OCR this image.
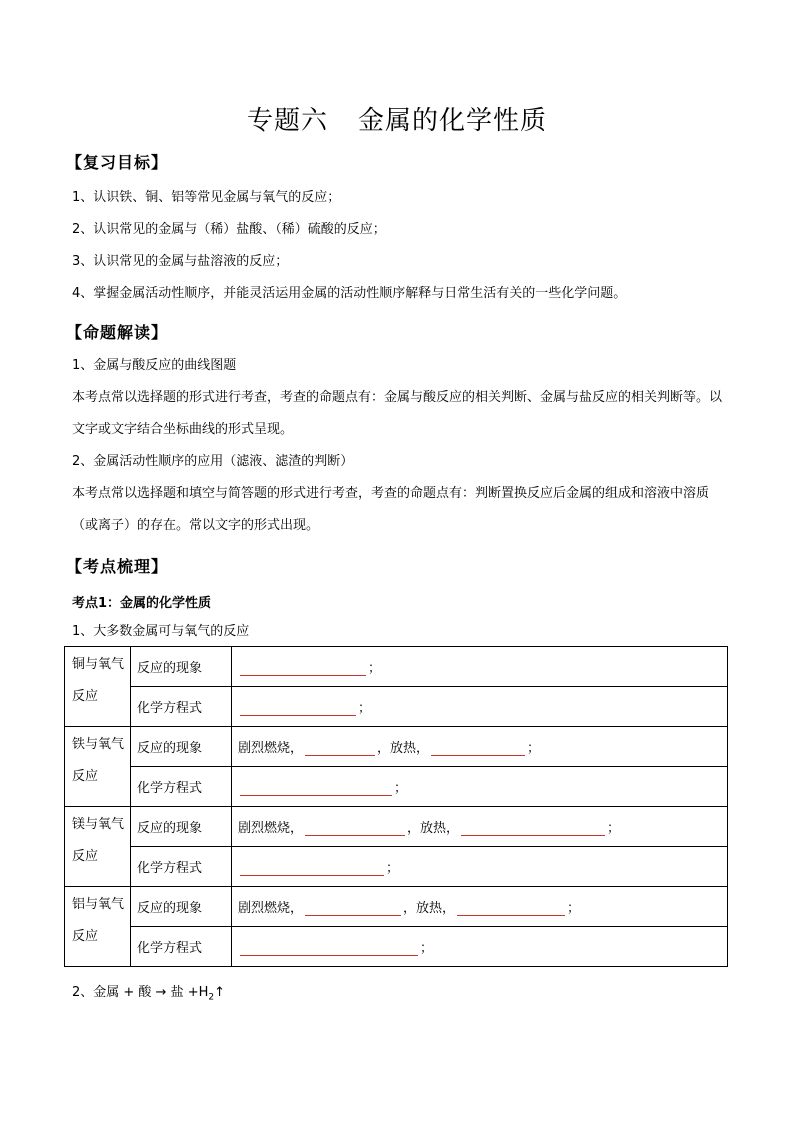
专题六 金属的化学性质
【复习目标】
1、认识铁、铜、铝等常见金属与氧气的反应；
2、认识常见的金属与（稀）盐酸、（稀）硫酸的反应；
3、认识常见的金属与盐溶液的反应；
4、掌握金属活动性顺序，并能灵活运用金属的活动性顺序解释与日常生活有关的一些化学问题。
【命题解读】
1、金属与酸反应的曲线图题
本考点常以选择题的形式进行考查，考查的命题点有：金属与酸反应的相关判断、金属与盐反应的相关判断等。以文字或文字结合坐标曲线的形式呈现。
2、金属活动性顺序的应用（滤液、滤渣的判断）
本考点常以选择题和填空与简答题的形式进行考查，考查的命题点有：判断置换反应后金属的组成和溶液中溶质（或离子）的存在。常以文字的形式出现。
【考点梳理】
考点1：金属的化学性质
1、大多数金属可与氧气的反应
铜与氧气反应	反应的现象	；
	化学方程式	；
铁与氧气反应	反应的现象	剧烈燃烧， ，放热， ；
	化学方程式	；
镁与氧气反应	反应的现象	剧烈燃烧， ，放热， ；
	化学方程式	；
铝与氧气反应	反应的现象	剧烈燃烧， ，放热， ；
	化学方程式	；
2、金属 + 酸 → 盐 $+H_2↑$
